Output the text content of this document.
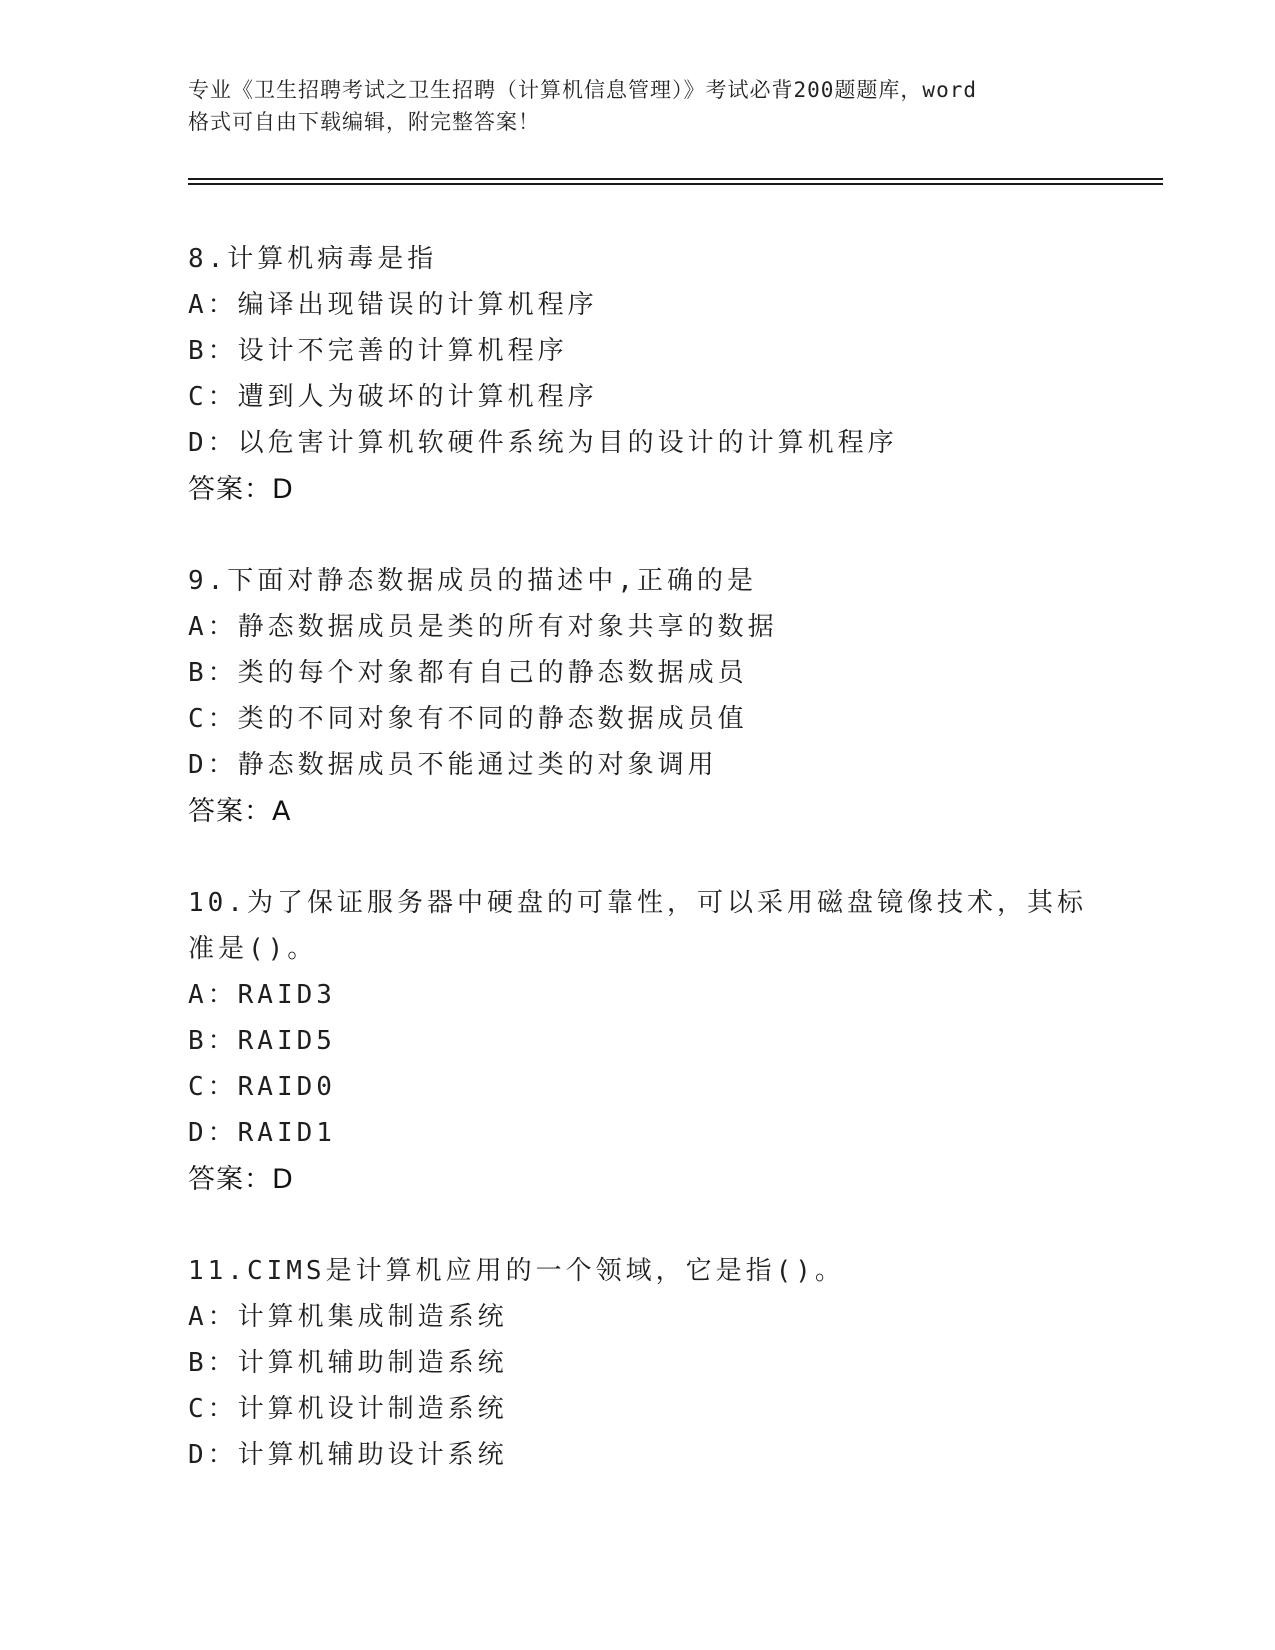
专业《卫生招聘考试之卫生招聘（计算机信息管理）》考试必背200题题库，word
格式可自由下载编辑，附完整答案！
8.计算机病毒是指
A：编译出现错误的计算机程序
B：设计不完善的计算机程序
C：遭到人为破坏的计算机程序
D：以危害计算机软硬件系统为目的设计的计算机程序
答案：D
9.下面对静态数据成员的描述中,正确的是
A：静态数据成员是类的所有对象共享的数据
B：类的每个对象都有自己的静态数据成员
C：类的不同对象有不同的静态数据成员值
D：静态数据成员不能通过类的对象调用
答案：A
10.为了保证服务器中硬盘的可靠性，可以采用磁盘镜像技术，其标准是()。
A：RAID3
B：RAID5
C：RAID0
D：RAID1
答案：D
11.CIMS是计算机应用的一个领域，它是指()。
A：计算机集成制造系统
B：计算机辅助制造系统
C：计算机设计制造系统
D：计算机辅助设计系统
